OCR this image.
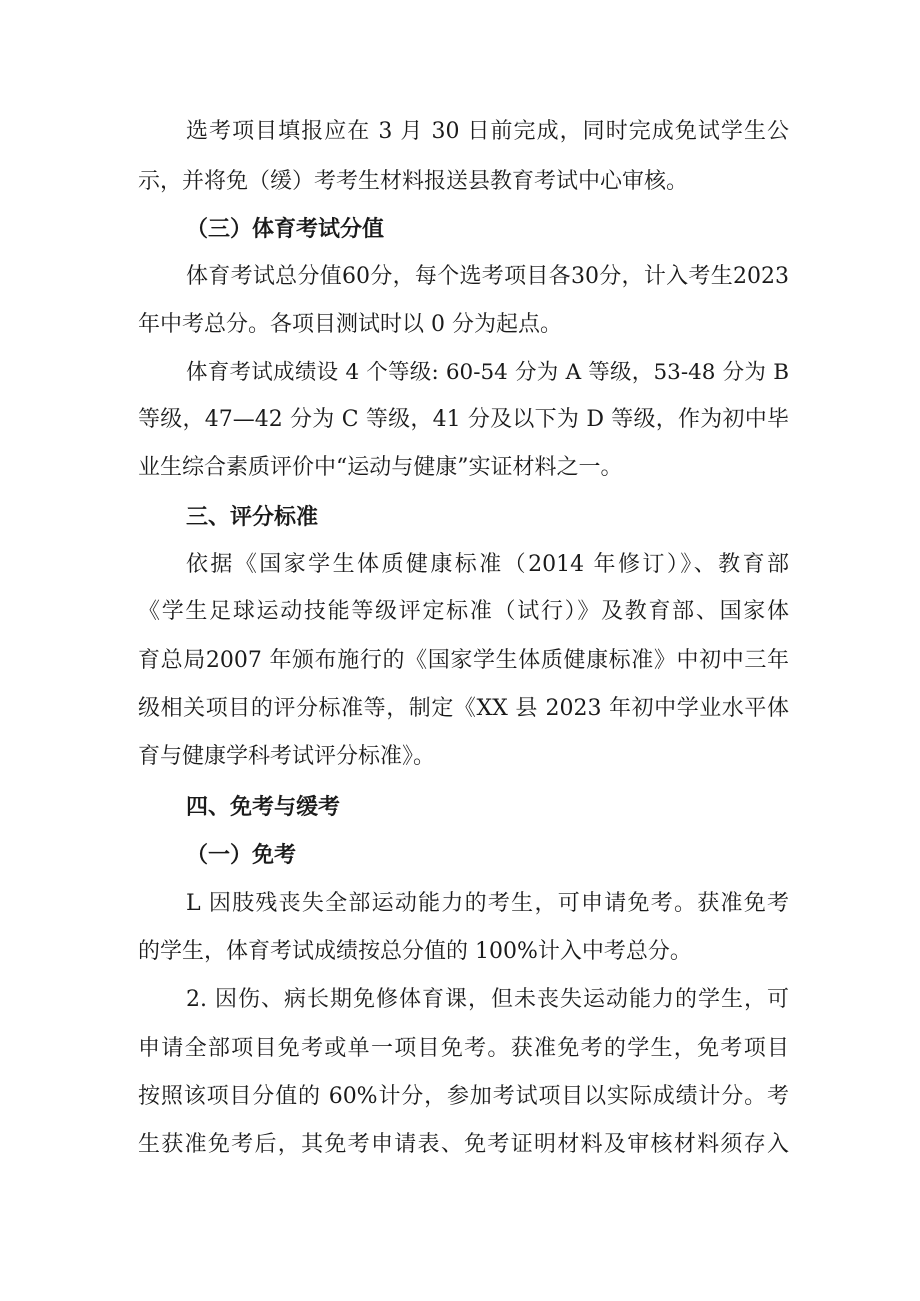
选考项目填报应在 3 月 30 日前完成，同时完成免试学生公
示，并将免（缓）考考生材料报送县教育考试中心审核。
（三）体育考试分值
体育考试总分值60分，每个选考项目各30分，计入考生2023
年中考总分。各项目测试时以 0 分为起点。
体育考试成绩设 4 个等级: 60-54 分为 A 等级，53-48 分为 B
等级，47—42 分为 C 等级，41 分及以下为 D 等级，作为初中毕
业生综合素质评价中“运动与健康”实证材料之一。
三、评分标准
依据《国家学生体质健康标准（2014 年修订）》、教育部
《学生足球运动技能等级评定标准（试行）》及教育部、国家体
育总局2007 年颁布施行的《国家学生体质健康标准》中初中三年
级相关项目的评分标准等，制定《XX 县 2023 年初中学业水平体
育与健康学科考试评分标准》。
四、免考与缓考
（一）免考
L 因肢残丧失全部运动能力的考生，可申请免考。获准免考
的学生，体育考试成绩按总分值的 100%计入中考总分。
2. 因伤、病长期免修体育课，但未丧失运动能力的学生，可
申请全部项目免考或单一项目免考。获准免考的学生，免考项目
按照该项目分值的 60%计分，参加考试项目以实际成绩计分。考
生获准免考后，其免考申请表、免考证明材料及审核材料须存入
